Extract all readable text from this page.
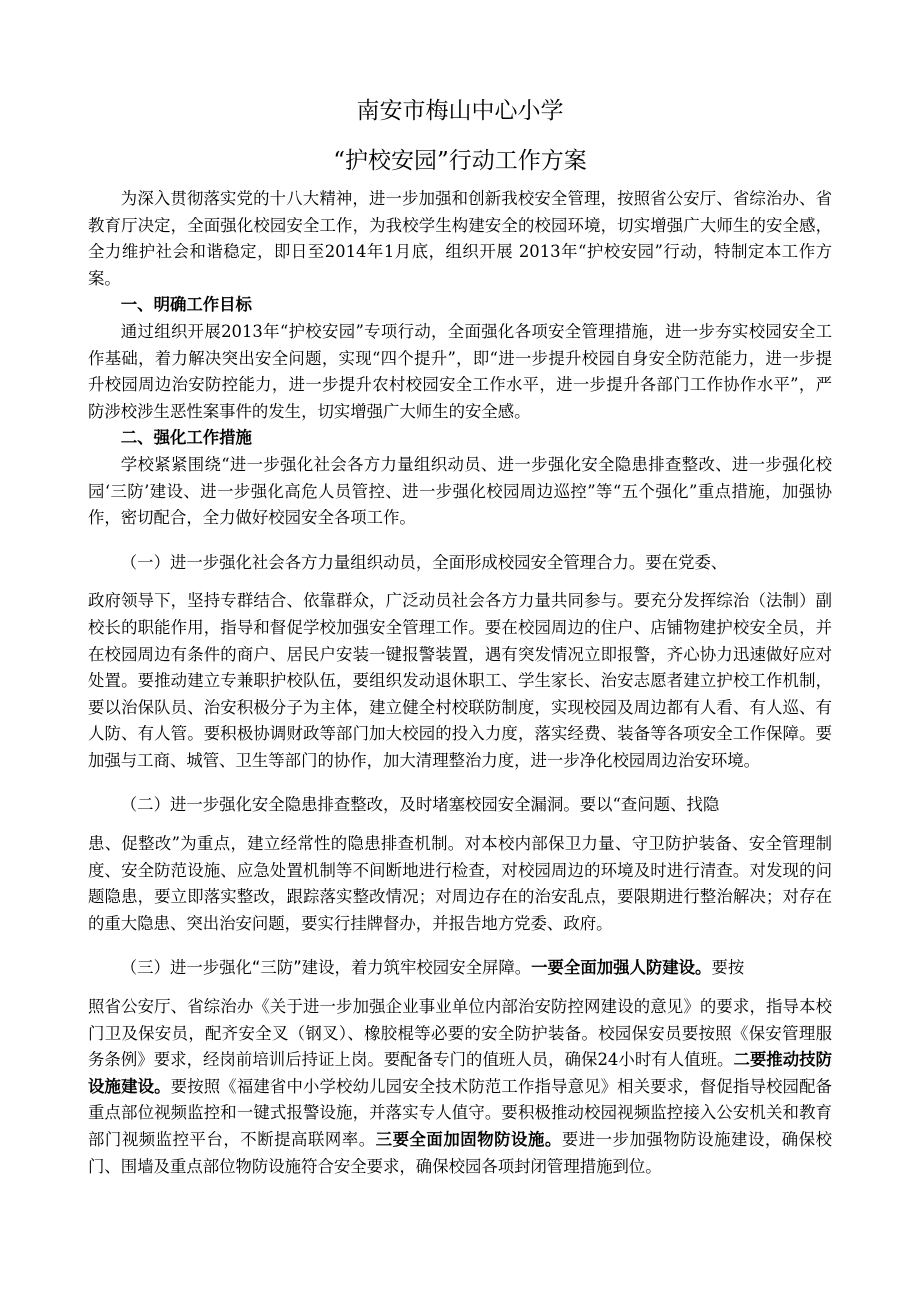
南安市梅山中心小学
“护校安园”行动工作方案

为深入贯彻落实党的十八大精神，进一步加强和创新我校安全管理，按照省公安厅、省综治办、省教育厅决定，全面强化校园安全工作，为我校学生构建安全的校园环境，切实增强广大师生的安全感，全力维护社会和谐稳定，即日至2014年1月底，组织开展 2013年“护校安园”行动，特制定本工作方案。

一、明确工作目标

通过组织开展2013年“护校安园”专项行动，全面强化各项安全管理措施，进一步夯实校园安全工作基础，着力解决突出安全问题，实现“四个提升”，即“进一步提升校园自身安全防范能力，进一步提升校园周边治安防控能力，进一步提升农村校园安全工作水平，进一步提升各部门工作协作水平”，严防涉校涉生恶性案事件的发生，切实增强广大师生的安全感。

二、强化工作措施

学校紧紧围绕“进一步强化社会各方力量组织动员、进一步强化安全隐患排查整改、进一步强化校园‘三防’建设、进一步强化高危人员管控、进一步强化校园周边巡控”等“五个强化”重点措施，加强协作，密切配合，全力做好校园安全各项工作。

（一）进一步强化社会各方力量组织动员，全面形成校园安全管理合力。要在党委、

政府领导下，坚持专群结合、依靠群众，广泛动员社会各方力量共同参与。要充分发挥综治（法制）副校长的职能作用，指导和督促学校加强安全管理工作。要在校园周边的住户、店铺物建护校安全员，并在校园周边有条件的商户、居民户安装一键报警装置，遇有突发情况立即报警，齐心协力迅速做好应对处置。要推动建立专兼职护校队伍，要组织发动退休职工、学生家长、治安志愿者建立护校工作机制，要以治保队员、治安积极分子为主体，建立健全村校联防制度，实现校园及周边都有人看、有人巡、有人防、有人管。要积极协调财政等部门加大校园的投入力度，落实经费、装备等各项安全工作保障。要加强与工商、城管、卫生等部门的协作，加大清理整治力度，进一步净化校园周边治安环境。

（二）进一步强化安全隐患排查整改，及时堵塞校园安全漏洞。要以“查问题、找隐

患、促整改”为重点，建立经常性的隐患排查机制。对本校内部保卫力量、守卫防护装备、安全管理制度、安全防范设施、应急处置机制等不间断地进行检查，对校园周边的环境及时进行清查。对发现的问题隐患，要立即落实整改，跟踪落实整改情况；对周边存在的治安乱点，要限期进行整治解决；对存在的重大隐患、突出治安问题，要实行挂牌督办，并报告地方党委、政府。

（三）进一步强化“三防”建设，着力筑牢校园安全屏障。一要全面加强人防建设。要按

照省公安厅、省综治办《关于进一步加强企业事业单位内部治安防控网建设的意见》的要求，指导本校门卫及保安员，配齐安全叉（钢叉）、橡胶棍等必要的安全防护装备。校园保安员要按照《保安管理服务条例》要求，经岗前培训后持证上岗。要配备专门的值班人员，确保24小时有人值班。二要推动技防设施建设。要按照《福建省中小学校幼儿园安全技术防范工作指导意见》相关要求，督促指导校园配备重点部位视频监控和一键式报警设施，并落实专人值守。要积极推动校园视频监控接入公安机关和教育部门视频监控平台，不断提高联网率。三要全面加固物防设施。要进一步加强物防设施建设，确保校门、围墙及重点部位物防设施符合安全要求，确保校园各项封闭管理措施到位。
